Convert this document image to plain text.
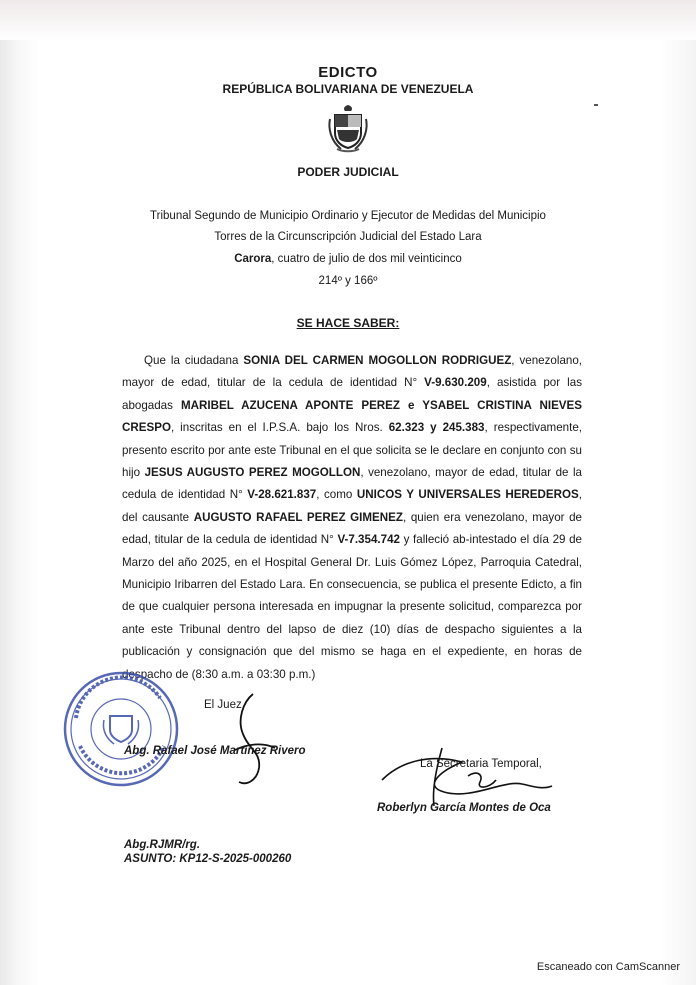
EDICTO
REPÚBLICA BOLIVARIANA DE VENEZUELA
PODER JUDICIAL
Tribunal Segundo de Municipio Ordinario y Ejecutor de Medidas del Municipio
Torres de la Circunscripción Judicial del Estado Lara
Carora, cuatro de julio de dos mil veinticinco
214º y 166º
SE HACE SABER:
Que la ciudadana SONIA DEL CARMEN MOGOLLON RODRIGUEZ, venezolano, mayor de edad, titular de la cedula de identidad N° V-9.630.209, asistida por las abogadas MARIBEL AZUCENA APONTE PEREZ e YSABEL CRISTINA NIEVES CRESPO, inscritas en el I.P.S.A. bajo los Nros. 62.323 y 245.383, respectivamente, presento escrito por ante este Tribunal en el que solicita se le declare en conjunto con su hijo JESUS AUGUSTO PEREZ MOGOLLON, venezolano, mayor de edad, titular de la cedula de identidad N° V-28.621.837, como UNICOS Y UNIVERSALES HEREDEROS, del causante AUGUSTO RAFAEL PEREZ GIMENEZ, quien era venezolano, mayor de edad, titular de la cedula de identidad N° V-7.354.742 y falleció ab-intestado el día 29 de Marzo del año 2025, en el Hospital General Dr. Luis Gómez López, Parroquia Catedral, Municipio Iribarren del Estado Lara. En consecuencia, se publica el presente Edicto, a fin de que cualquier persona interesada en impugnar la presente solicitud, comparezca por ante este Tribunal dentro del lapso de diez (10) días de despacho siguientes a la publicación y consignación que del mismo se haga en el expediente, en horas de despacho de (8:30 a.m. a 03:30 p.m.)
El Juez
Abg. Rafael José Martínez Rivero
La Secretaria Temporal,
Roberlyn García Montes de Oca
Abg.RJMR/rg.
ASUNTO: KP12-S-2025-000260
Escaneado con CamScanner
